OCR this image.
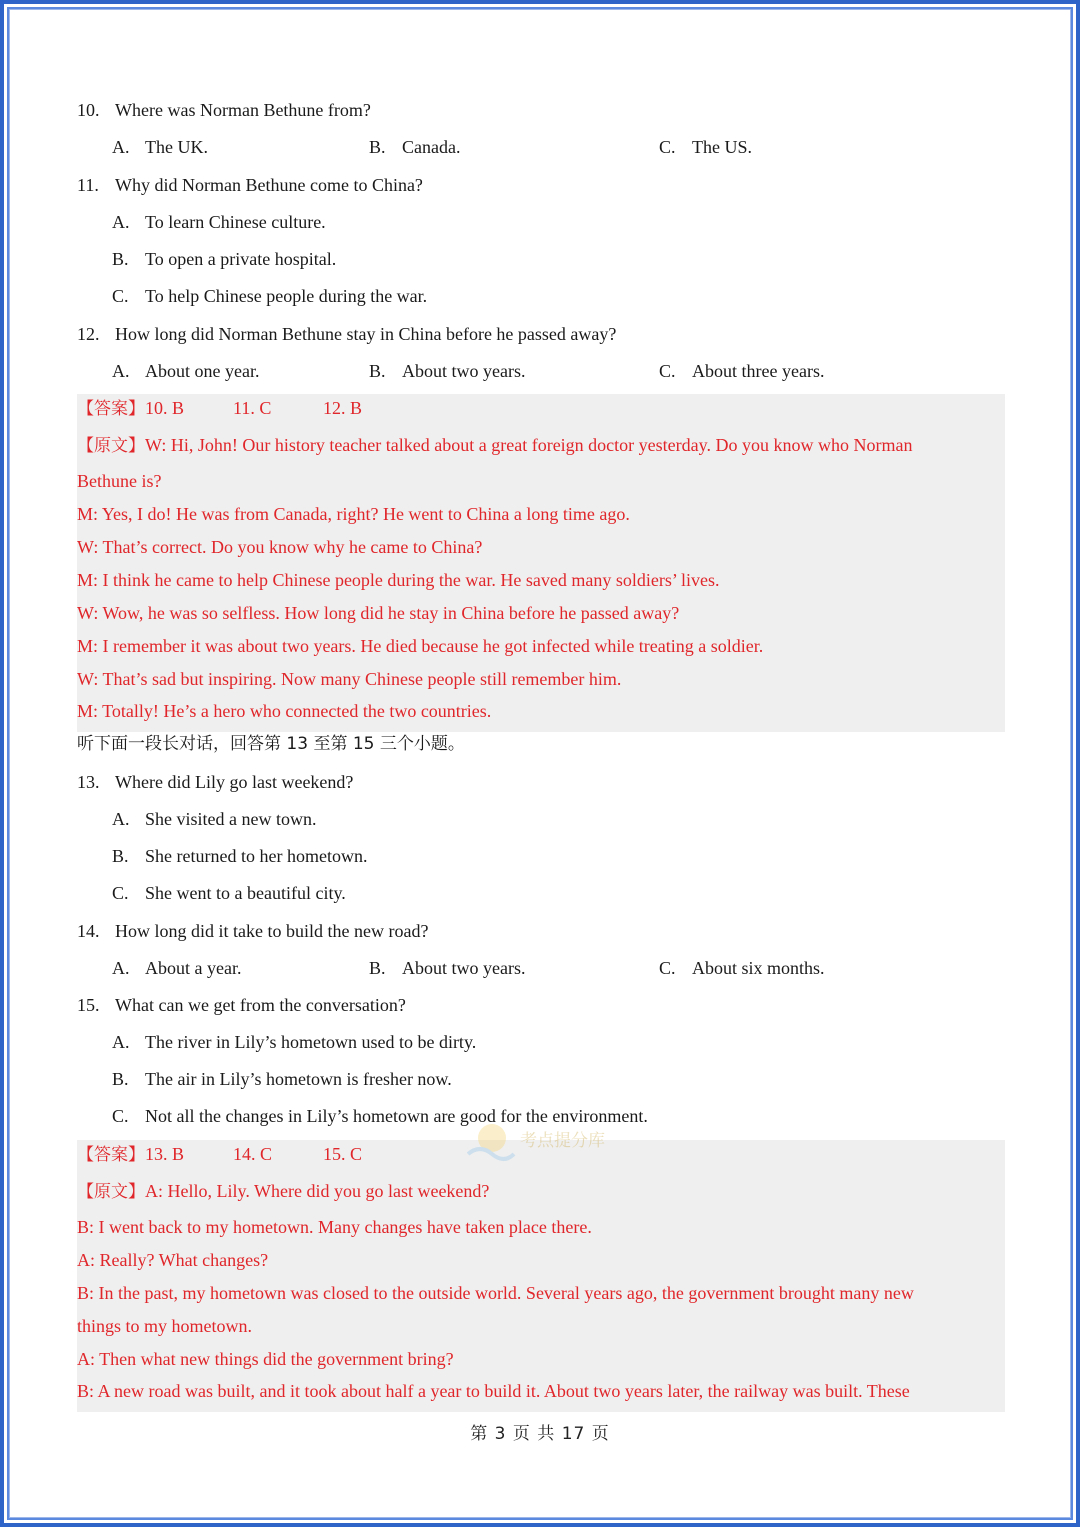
10. Where was Norman Bethune from?
A. The UK.	B. Canada.	C. The US.
11. Why did Norman Bethune come to China?
A. To learn Chinese culture.
B. To open a private hospital.
C. To help Chinese people during the war.
12. How long did Norman Bethune stay in China before he passed away?
A. About one year.	B. About two years.	C. About three years.
【答案】10. B	11. C	12. B
【原文】W: Hi, John! Our history teacher talked about a great foreign doctor yesterday. Do you know who Norman
Bethune is?
M: Yes, I do! He was from Canada, right? He went to China a long time ago.
W: That’s correct. Do you know why he came to China?
M: I think he came to help Chinese people during the war. He saved many soldiers’ lives.
W: Wow, he was so selfless. How long did he stay in China before he passed away?
M: I remember it was about two years. He died because he got infected while treating a soldier.
W: That’s sad but inspiring. Now many Chinese people still remember him.
M: Totally! He’s a hero who connected the two countries.
听下面一段长对话，回答第 13 至第 15 三个小题。
13. Where did Lily go last weekend?
A. She visited a new town.
B. She returned to her hometown.
C. She went to a beautiful city.
14. How long did it take to build the new road?
A. About a year.	B. About two years.	C. About six months.
15. What can we get from the conversation?
A. The river in Lily’s hometown used to be dirty.
B. The air in Lily’s hometown is fresher now.
C. Not all the changes in Lily’s hometown are good for the environment.
【答案】13. B	14. C	15. C
【原文】A: Hello, Lily. Where did you go last weekend?
B: I went back to my hometown. Many changes have taken place there.
A: Really? What changes?
B: In the past, my hometown was closed to the outside world. Several years ago, the government brought many new
things to my hometown.
A: Then what new things did the government bring?
B: A new road was built, and it took about half a year to build it. About two years later, the railway was built. These
考点提分库
第 3 页 共 17 页
